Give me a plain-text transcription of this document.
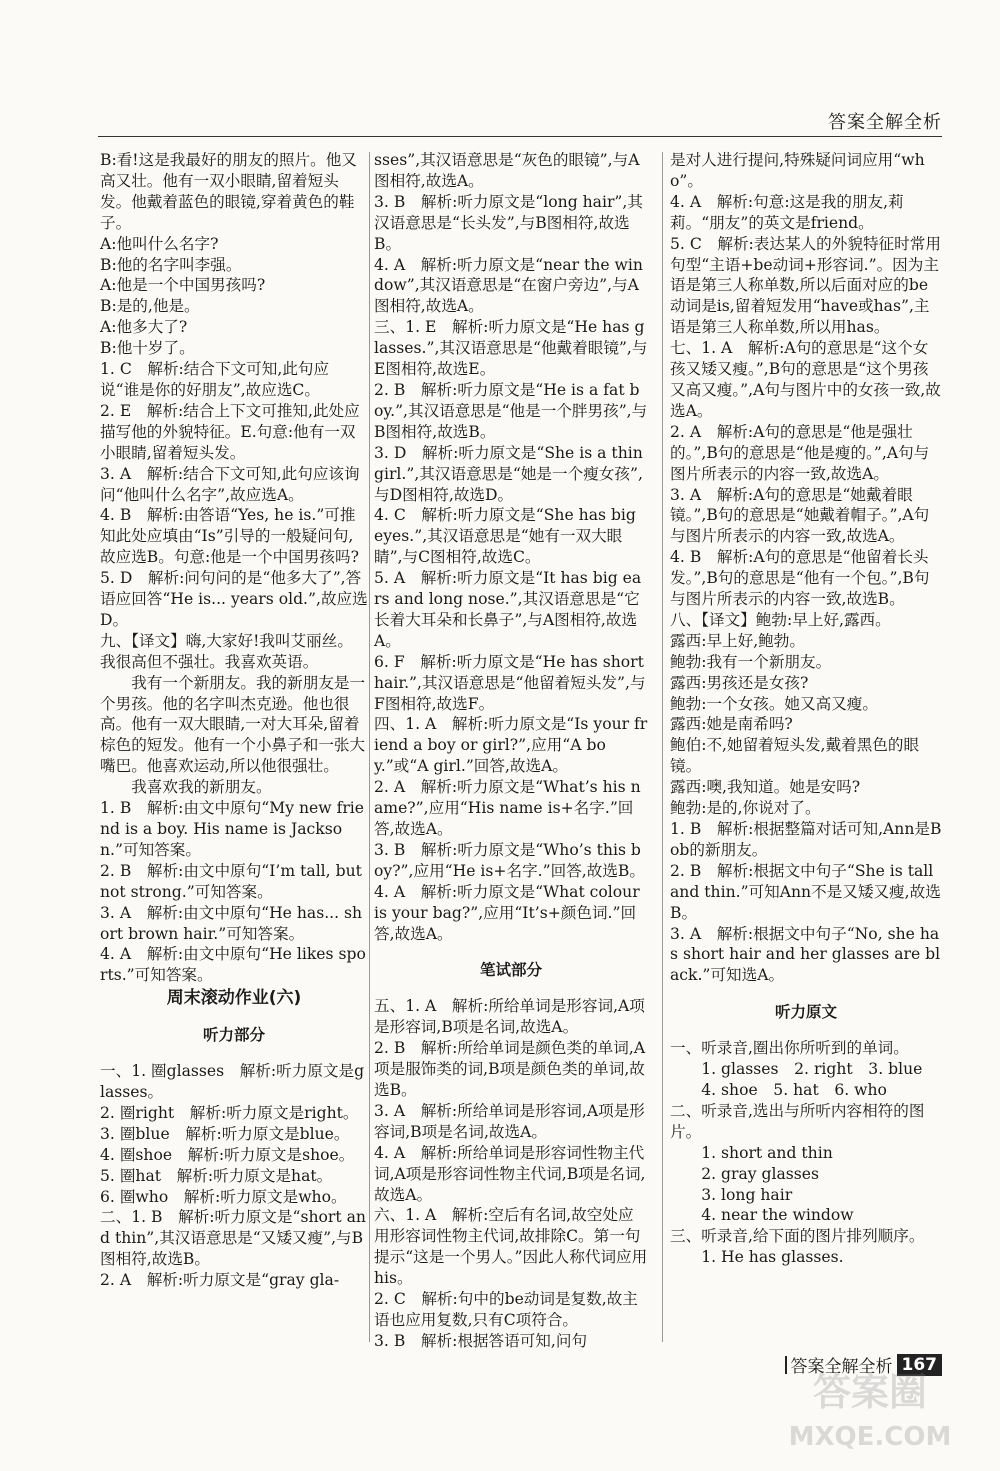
答案全解全析

B:看!这是我最好的朋友的照片。他又高又壮。他有一双小眼睛,留着短头发。他戴着蓝色的眼镜,穿着黄色的鞋子。

A:他叫什么名字?

B:他的名字叫李强。

A:他是一个中国男孩吗?

B:是的,他是。

A:他多大了?

B:他十岁了。

1. C　解析:结合下文可知,此句应说“谁是你的好朋友”,故应选C。

2. E　解析:结合上下文可推知,此处应描写他的外貌特征。E.句意:他有一双小眼睛,留着短头发。

3. A　解析:结合下文可知,此句应该询问“他叫什么名字”,故应选A。

4. B　解析:由答语“Yes, he is.”可推知此处应填由“Is”引导的一般疑问句,故应选B。句意:他是一个中国男孩吗?

5. D　解析:问句问的是“他多大了”,答语应回答“He is... years old.”,故应选D。

九、【译文】嗨,大家好!我叫艾丽丝。我很高但不强壮。我喜欢英语。

我有一个新朋友。我的新朋友是一个男孩。他的名字叫杰克逊。他也很高。他有一双大眼睛,一对大耳朵,留着棕色的短发。他有一个小鼻子和一张大嘴巴。他喜欢运动,所以他很强壮。

我喜欢我的新朋友。

1. B　解析:由文中原句“My new friend is a boy. His name is Jackson.”可知答案。

2. B　解析:由文中原句“I’m tall, but not strong.”可知答案。

3. A　解析:由文中原句“He has... short brown hair.”可知答案。

4. A　解析:由文中原句“He likes sports.”可知答案。

周末滚动作业(六)

听力部分

一、1. 圈glasses　解析:听力原文是glasses。

2. 圈right　解析:听力原文是right。

3. 圈blue　解析:听力原文是blue。

4. 圈shoe　解析:听力原文是shoe。

5. 圈hat　解析:听力原文是hat。

6. 圈who　解析:听力原文是who。

二、1. B　解析:听力原文是“short and thin”,其汉语意思是“又矮又瘦”,与B图相符,故选B。

2. A　解析:听力原文是“gray gla-

sses”,其汉语意思是“灰色的眼镜”,与A图相符,故选A。

3. B　解析:听力原文是“long hair”,其汉语意思是“长头发”,与B图相符,故选B。

4. A　解析:听力原文是“near the window”,其汉语意思是“在窗户旁边”,与A图相符,故选A。

三、1. E　解析:听力原文是“He has glasses.”,其汉语意思是“他戴着眼镜”,与E图相符,故选E。

2. B　解析:听力原文是“He is a fat boy.”,其汉语意思是“他是一个胖男孩”,与B图相符,故选B。

3. D　解析:听力原文是“She is a thin girl.”,其汉语意思是“她是一个瘦女孩”,与D图相符,故选D。

4. C　解析:听力原文是“She has big eyes.”,其汉语意思是“她有一双大眼睛”,与C图相符,故选C。

5. A　解析:听力原文是“It has big ears and long nose.”,其汉语意思是“它长着大耳朵和长鼻子”,与A图相符,故选A。

6. F　解析:听力原文是“He has short hair.”,其汉语意思是“他留着短头发”,与F图相符,故选F。

四、1. A　解析:听力原文是“Is your friend a boy or girl?”,应用“A boy.”或“A girl.”回答,故选A。

2. A　解析:听力原文是“What’s his name?”,应用“His name is+名字.”回答,故选A。

3. B　解析:听力原文是“Who’s this boy?”,应用“He is+名字.”回答,故选B。

4. A　解析:听力原文是“What colour is your bag?”,应用“It’s+颜色词.”回答,故选A。

笔试部分

五、1. A　解析:所给单词是形容词,A项是形容词,B项是名词,故选A。

2. B　解析:所给单词是颜色类的单词,A项是服饰类的词,B项是颜色类的单词,故选B。

3. A　解析:所给单词是形容词,A项是形容词,B项是名词,故选A。

4. A　解析:所给单词是形容词性物主代词,A项是形容词性物主代词,B项是名词,故选A。

六、1. A　解析:空后有名词,故空处应用形容词性物主代词,故排除C。第一句提示“这是一个男人。”因此人称代词应用his。

2. C　解析:句中的be动词是复数,故主语也应用复数,只有C项符合。

3. B　解析:根据答语可知,问句

是对人进行提问,特殊疑问词应用“who”。

4. A　解析:句意:这是我的朋友,莉莉。“朋友”的英文是friend。

5. C　解析:表达某人的外貌特征时常用句型“主语+be动词+形容词.”。因为主语是第三人称单数,所以后面对应的be动词是is,留着短发用“have或has”,主语是第三人称单数,所以用has。

七、1. A　解析:A句的意思是“这个女孩又矮又瘦。”,B句的意思是“这个男孩又高又瘦。”,A句与图片中的女孩一致,故选A。

2. A　解析:A句的意思是“他是强壮的。”,B句的意思是“他是瘦的。”,A句与图片所表示的内容一致,故选A。

3. A　解析:A句的意思是“她戴着眼镜。”,B句的意思是“她戴着帽子。”,A句与图片所表示的内容一致,故选A。

4. B　解析:A句的意思是“他留着长头发。”,B句的意思是“他有一个包。”,B句与图片所表示的内容一致,故选B。

八、【译文】鲍勃:早上好,露西。

露西:早上好,鲍勃。

鲍勃:我有一个新朋友。

露西:男孩还是女孩?

鲍勃:一个女孩。她又高又瘦。

露西:她是南希吗?

鲍伯:不,她留着短头发,戴着黑色的眼镜。

露西:噢,我知道。她是安吗?

鲍勃:是的,你说对了。

1. B　解析:根据整篇对话可知,Ann是Bob的新朋友。

2. B　解析:根据文中句子“She is tall and thin.”可知Ann不是又矮又瘦,故选B。

3. A　解析:根据文中句子“No, she has short hair and her glasses are black.”可知选A。

听力原文

一、听录音,圈出你所听到的单词。

1. glasses　2. right　3. blue

4. shoe　5. hat　6. who

二、听录音,选出与所听内容相符的图片。

1. short and thin

2. gray glasses

3. long hair

4. near the window

三、听录音,给下面的图片排列顺序。

1. He has glasses.

答案全解全析 167
答案圈
MXQE.COM
